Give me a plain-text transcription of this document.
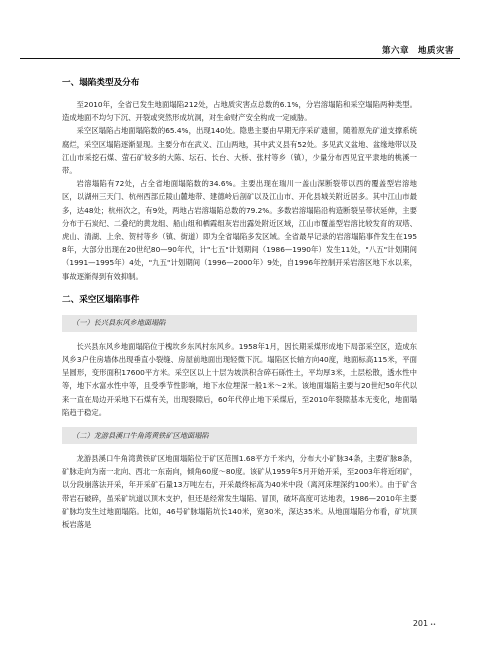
第六章　地质灾害
一、塌陷类型及分布

至2010年，全省已发生地面塌陷212处，占地质灾害点总数的6.1%，分岩溶塌陷和采空塌陷两种类型。造成地面不均匀下沉、开裂或突然形成坑洞，对生命财产安全构成一定威胁。

采空区塌陷占地面塌陷数的65.4%，出现140处。隐患主要由早期无序采矿遗留，随着原先矿道支撑系统腐烂，采空区塌陷逐渐显现。主要分布在武义、江山两地，其中武义县有52处。多见武义盆地、盆缘地带以及江山市采挖石煤、萤石矿较多的大陈、坛石、长台、大桥、张村等乡（镇），少量分布西见宜平隶地的桃溪一带。

岩溶塌陷有72处，占全省地面塌陷数的34.6%。主要出现在瑞川一盖山深断裂带以西的覆盖型岩溶地区，以湖州三天门、杭州西部丘陵山麓地带、建德岭后剖矿以及江山市、开化县城关附近居多。其中江山市最多，达48处；杭州次之，有9处，两地占岩溶塌陷总数的79.2%。多数岩溶塌陷沿构造断裂呈带状延伸，主要分布于石炭纪、二叠纪的黄龙组、船山组和栖霞组灰岩出露处附近区域，江山市覆盖型岩溶比较发育的双塔、虎山、清湖、上余、贺村等乡（镇、街道）即为全省塌陷多发区域。全省最早记录的岩溶塌陷事件发生在1958年，大部分出现在20世纪80—90年代，计"七五"计划期间（1986—1990年）发生11处，"八五"计划期间（1991—1995年）4处，"九五"计划期间（1996—2000年）9处，自1996年控制开采岩溶区地下水以来，事故逐渐得到有效抑制。

二、采空区塌陷事件
（一）长兴县东风乡地面塌陷

长兴县东风乡地面塌陷位于槐坎乡东风村东风乡。1958年1月，因长期采煤形成地下局部采空区，造成东风乡3户住房墙体出现垂直小裂缝、房屋前地面出现轻微下沉。塌陷区长轴方向40度，地面标高115米，平面呈圆形，变形面积17600平方米。采空区以上十层为坡洪积含碎石砾性土，平均厚3米，土层松散，透水性中等，地下水富水性中等，且受季节性影响，地下水位埋深一般1米～2米。该地面塌陷主要与20世纪50年代以来一直在局边开采地下石煤有关，出现裂隙后，60年代停止地下采煤后，至2010年裂隙基本无变化，地面塌陷趋于稳定。

（二）龙游县溪口牛角湾黄铁矿区地面塌陷

龙游县溪口牛角湾黄铁矿区地面塌陷位于矿区范围1.68平方千米内，分布大小矿脉34条，主要矿脉8条，矿脉走向为南一北向、西北一东南向，倾角60度～80度。该矿从1959年5月开始开采，至2003年将近闭矿，以分段崩落法开采，年开采矿石量13万吨左右，开采最终标高为40米中段（离河床埋深约100米）。由于矿含带岩石破碎，虽采矿坑道以顶木支护，但还是经常发生塌陷、冒顶，破坏高度可达地表，1986—2010年主要矿脉均发生过地面塌陷。比如，46号矿脉塌陷坑长140米，宽30米，深达35米。从地面塌陷分布看，矿坑顶板岩落是

201 ••
